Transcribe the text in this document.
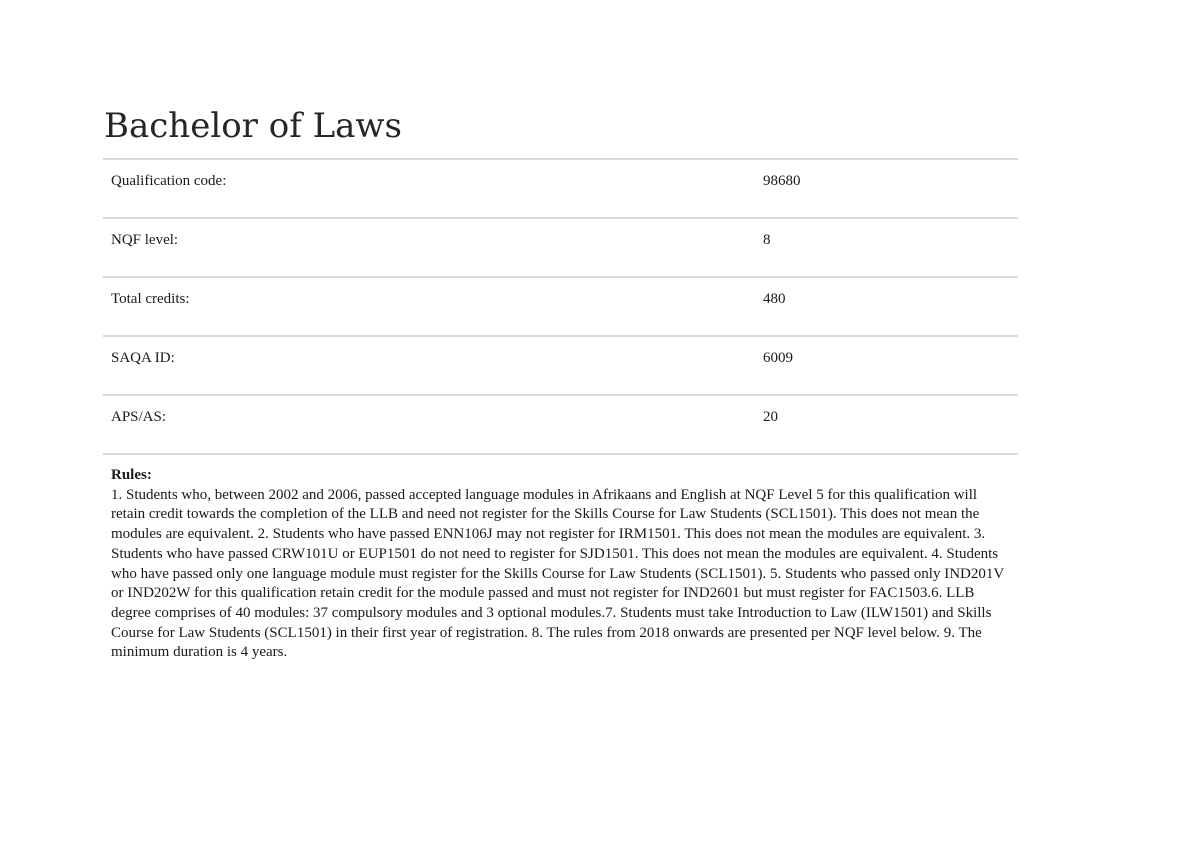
Bachelor of Laws
Qualification code:	98680
NQF level:	8
Total credits:	480
SAQA ID:	6009
APS/AS:	20
Rules:

1. Students who, between 2002 and 2006, passed accepted language modules in Afrikaans and English at NQF Level 5 for this qualification will retain credit towards the completion of the LLB and need not register for the Skills Course for Law Students (SCL1501). This does not mean the modules are equivalent. 2. Students who have passed ENN106J may not register for IRM1501. This does not mean the modules are equivalent. 3. Students who have passed CRW101U or EUP1501 do not need to register for SJD1501. This does not mean the modules are equivalent. 4. Students who have passed only one language module must register for the Skills Course for Law Students (SCL1501). 5. Students who passed only IND201V or IND202W for this qualification retain credit for the module passed and must not register for IND2601 but must register for FAC1503.6. LLB degree comprises of 40 modules: 37 compulsory modules and 3 optional modules.7. Students must take Introduction to Law (ILW1501) and Skills Course for Law Students (SCL1501) in their first year of registration. 8. The rules from 2018 onwards are presented per NQF level below. 9. The minimum duration is 4 years.
